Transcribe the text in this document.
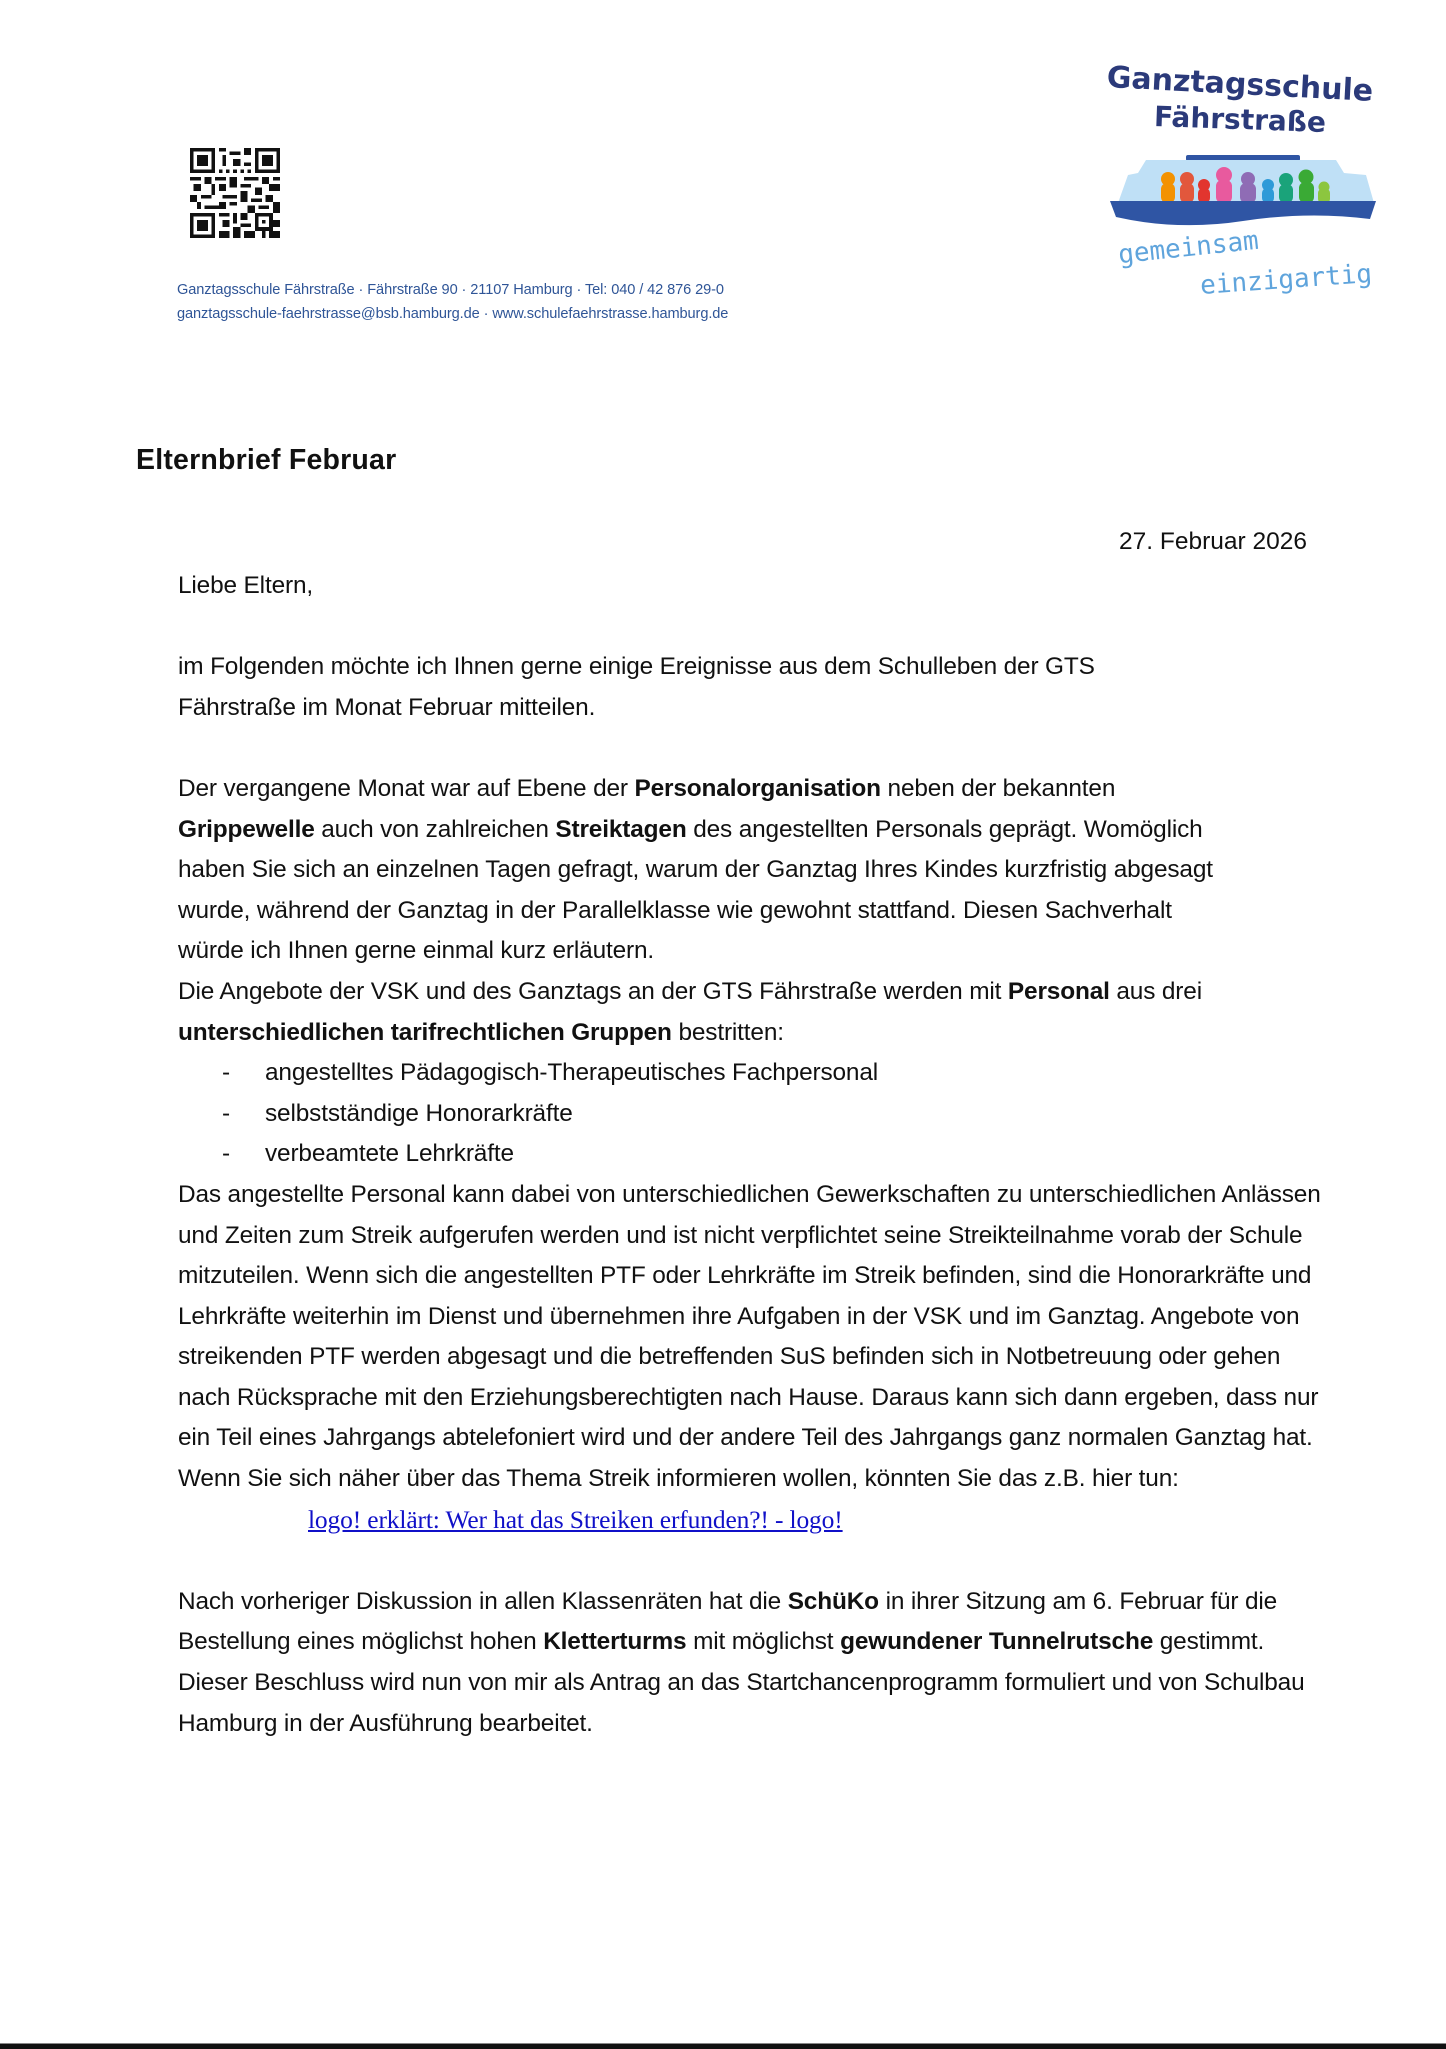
Ganztagsschule Fährstraße · Fährstraße 90 · 21107 Hamburg · Tel: 040 / 42 876 29-0
ganztagsschule-faehrstrasse@bsb.hamburg.de · www.schulefaehrstrasse.hamburg.de
Ganztagsschule
Fährstraße
gemeinsam
einzigartig
Elternbrief Februar
27. Februar 2026

Liebe Eltern,

im Folgenden möchte ich Ihnen gerne einige Ereignisse aus dem Schulleben der GTS Fährstraße im Monat Februar mitteilen.

Der vergangene Monat war auf Ebene der Personalorganisation neben der bekannten Grippewelle auch von zahlreichen Streiktagen des angestellten Personals geprägt. Womöglich haben Sie sich an einzelnen Tagen gefragt, warum der Ganztag Ihres Kindes kurzfristig abgesagt wurde, während der Ganztag in der Parallelklasse wie gewohnt stattfand. Diesen Sachverhalt würde ich Ihnen gerne einmal kurz erläutern.

Die Angebote der VSK und des Ganztags an der GTS Fährstraße werden mit Personal aus drei unterschiedlichen tarifrechtlichen Gruppen bestritten:

- angestelltes Pädagogisch-Therapeutisches Fachpersonal
- selbstständige Honorarkräfte
- verbeamtete Lehrkräfte

Das angestellte Personal kann dabei von unterschiedlichen Gewerkschaften zu unterschiedlichen Anlässen und Zeiten zum Streik aufgerufen werden und ist nicht verpflichtet seine Streikteilnahme vorab der Schule mitzuteilen. Wenn sich die angestellten PTF oder Lehrkräfte im Streik befinden, sind die Honorarkräfte und Lehrkräfte weiterhin im Dienst und übernehmen ihre Aufgaben in der VSK und im Ganztag. Angebote von streikenden PTF werden abgesagt und die betreffenden SuS befinden sich in Notbetreuung oder gehen nach Rücksprache mit den Erziehungsberechtigten nach Hause. Daraus kann sich dann ergeben, dass nur ein Teil eines Jahrgangs abtelefoniert wird und der andere Teil des Jahrgangs ganz normalen Ganztag hat.

Wenn Sie sich näher über das Thema Streik informieren wollen, könnten Sie das z.B. hier tun:

logo! erklärt: Wer hat das Streiken erfunden?! - logo!

Nach vorheriger Diskussion in allen Klassenräten hat die SchüKo in ihrer Sitzung am 6. Februar für die Bestellung eines möglichst hohen Kletterturms mit möglichst gewundener Tunnelrutsche gestimmt. Dieser Beschluss wird nun von mir als Antrag an das Startchancenprogramm formuliert und von Schulbau Hamburg in der Ausführung bearbeitet.
